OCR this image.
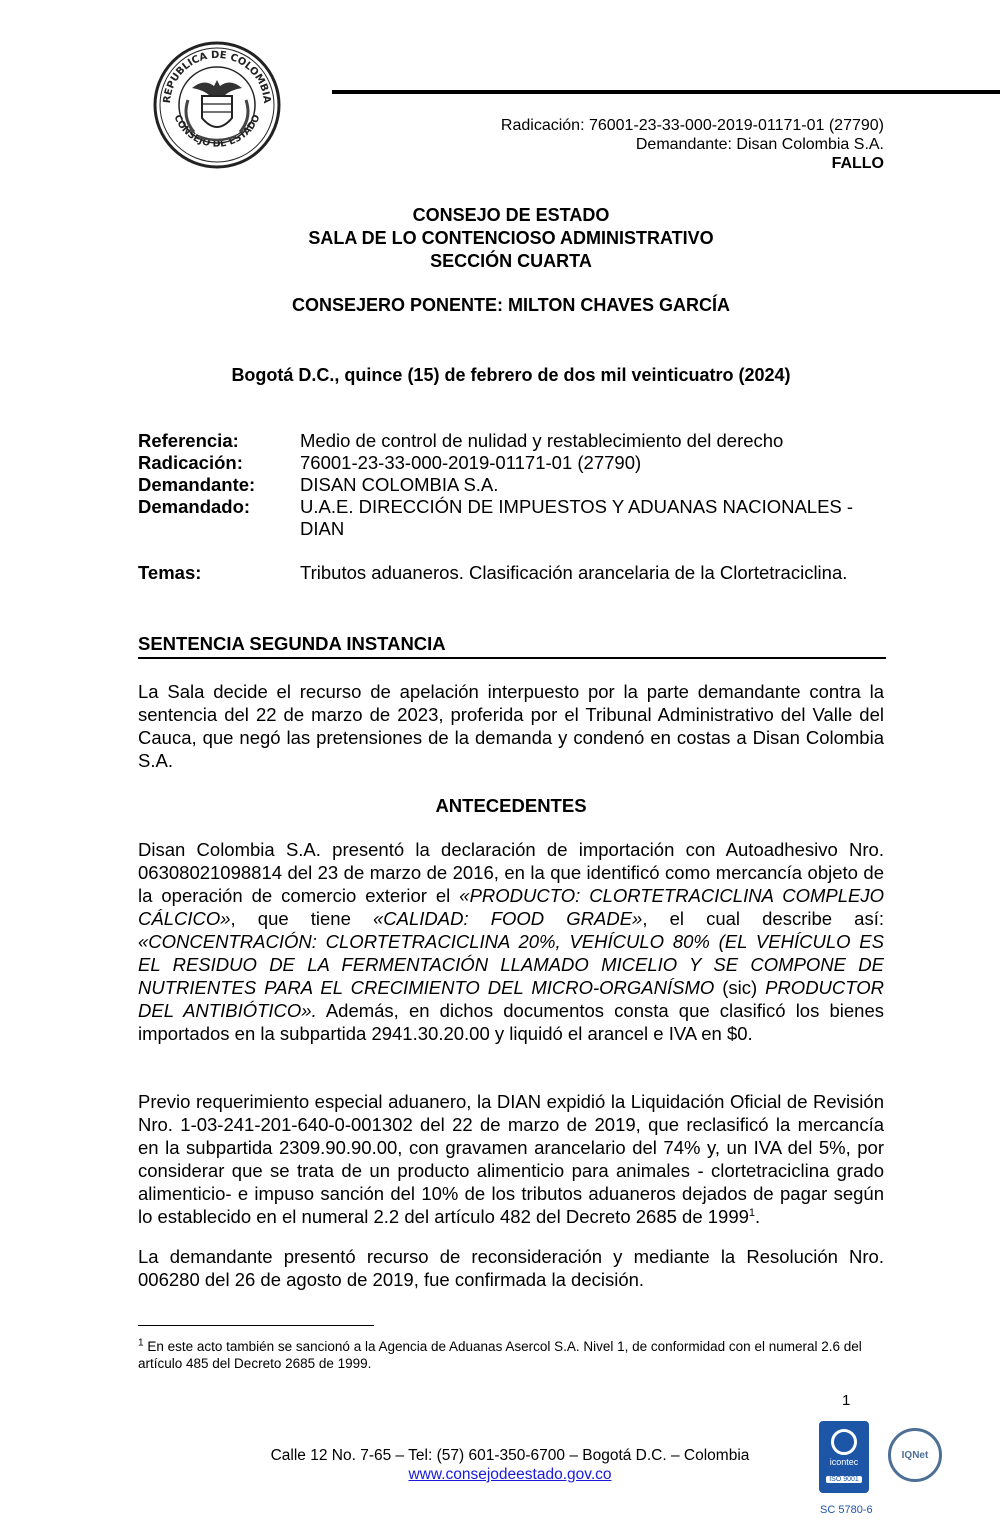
REPUBLICA DE COLOMBIA
CONSEJO DE ESTADO	Radicación: 76001-23-33-000-2019-01171-01 (27790)
Demandante: Disan Colombia S.A.
FALLO
CONSEJO DE ESTADO
SALA DE LO CONTENCIOSO ADMINISTRATIVO
SECCIÓN CUARTA
CONSEJERO PONENTE: MILTON CHAVES GARCÍA
Bogotá D.C., quince (15) de febrero de dos mil veinticuatro (2024)
Referencia:	Medio de control de nulidad y restablecimiento del derecho
Radicación:	76001-23-33-000-2019-01171-01 (27790)
Demandante:	DISAN COLOMBIA S.A.
Demandado:	U.A.E. DIRECCIÓN DE IMPUESTOS Y ADUANAS NACIONALES - DIAN
Temas:	Tributos aduaneros. Clasificación arancelaria de la Clortetraciclina.
SENTENCIA SEGUNDA INSTANCIA

La Sala decide el recurso de apelación interpuesto por la parte demandante contra la sentencia del 22 de marzo de 2023, proferida por el Tribunal Administrativo del Valle del Cauca, que negó las pretensiones de la demanda y condenó en costas a Disan Colombia S.A.

ANTECEDENTES

Disan Colombia S.A. presentó la declaración de importación con Autoadhesivo Nro. 06308021098814 del 23 de marzo de 2016, en la que identificó como mercancía objeto de la operación de comercio exterior el «PRODUCTO: CLORTETRACICLINA COMPLEJO CÁLCICO», que tiene «CALIDAD: FOOD GRADE», el cual describe así: «CONCENTRACIÓN: CLORTETRACICLINA 20%, VEHÍCULO 80% (EL VEHÍCULO ES EL RESIDUO DE LA FERMENTACIÓN LLAMADO MICELIO Y SE COMPONE DE NUTRIENTES PARA EL CRECIMIENTO DEL MICRO-ORGANÍSMO (sic) PRODUCTOR DEL ANTIBIÓTICO». Además, en dichos documentos consta que clasificó los bienes importados en la subpartida 2941.30.20.00 y liquidó el arancel e IVA en $0.

Previo requerimiento especial aduanero, la DIAN expidió la Liquidación Oficial de Revisión Nro. 1-03-241-201-640-0-001302 del 22 de marzo de 2019, que reclasificó la mercancía en la subpartida 2309.90.90.00, con gravamen arancelario del 74% y, un IVA del 5%, por considerar que se trata de un producto alimenticio para animales - clortetraciclina grado alimenticio- e impuso sanción del 10% de los tributos aduaneros dejados de pagar según lo establecido en el numeral 2.2 del artículo 482 del Decreto 2685 de 1999$^1$.

La demandante presentó recurso de reconsideración y mediante la Resolución Nro. 006280 del 26 de agosto de 2019, fue confirmada la decisión.

$^1$ En este acto también se sancionó a la Agencia de Aduanas Asercol S.A. Nivel 1, de conformidad con el numeral 2.6 del artículo 485 del Decreto 2685 de 1999.
1
Calle 12 No. 7-65 – Tel: (57) 601-350-6700 – Bogotá D.C. – Colombia
www.consejodeestado.gov.co
icontec
ISO 9001
IQNet
SC 5780-6
